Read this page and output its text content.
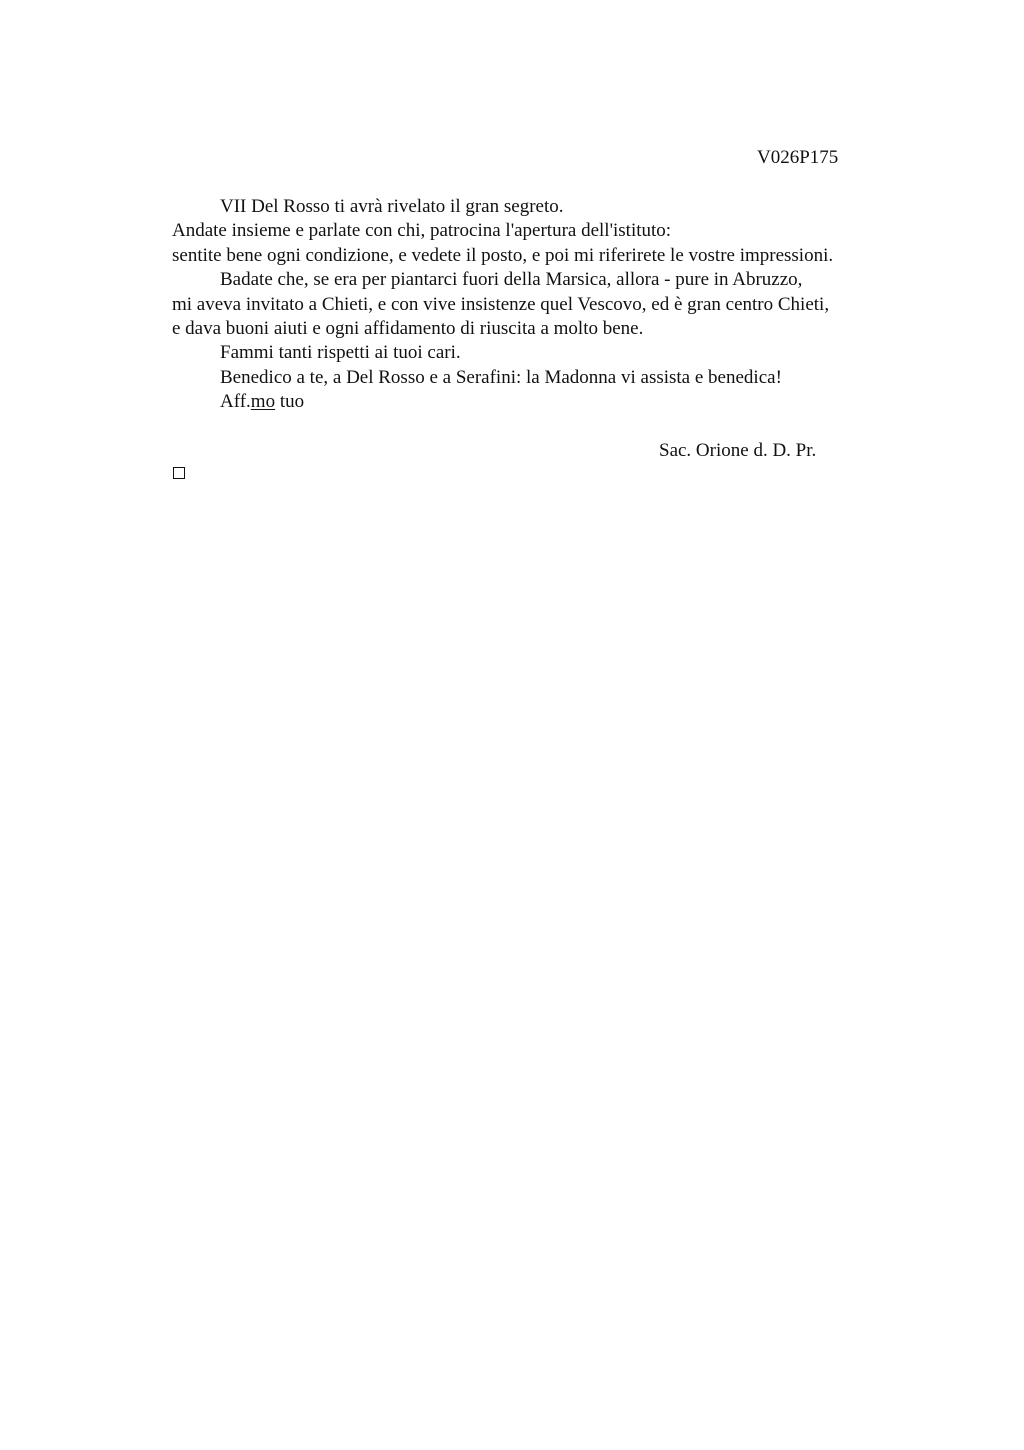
V026P175
VII Del Rosso ti avrà rivelato il gran segreto.
Andate insieme e parlate con chi, patrocina l'apertura dell'istituto:
sentite bene ogni condizione, e vedete il posto, e poi mi riferirete le vostre impressioni.
Badate che, se era per piantarci fuori della Marsica, allora - pure in Abruzzo,
mi aveva invitato a Chieti, e con vive insistenze quel Vescovo, ed è gran centro Chieti,
e dava buoni aiuti e ogni affidamento di riuscita a molto bene.
Fammi tanti rispetti ai tuoi cari.
Benedico a te, a Del Rosso e a Serafini: la Madonna vi assista e benedica!
Aff.mo tuo
Sac. Orione d. D. Pr.
